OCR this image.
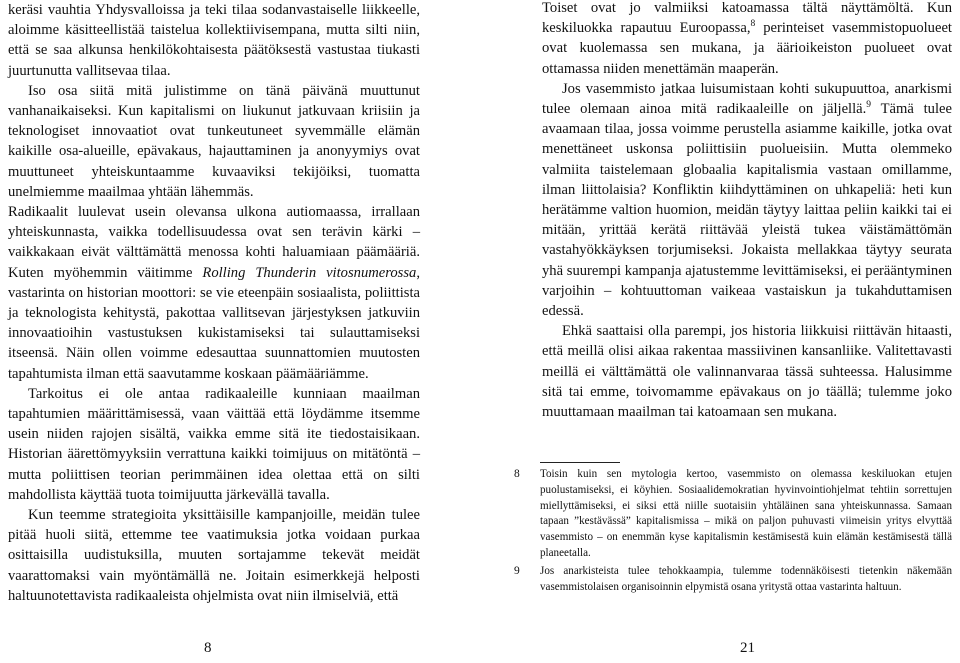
keräsi vauhtia Yhdysvalloissa ja teki tilaa sodanvastaiselle liikkeelle, aloimme käsitteellistää taistelua kollektiivisempana, mutta silti niin, että se saa alkunsa henkilökohtaisesta päätöksestä vastustaa tiukasti juurtunutta vallitsevaa tilaa.

Iso osa siitä mitä julistimme on tänä päivänä muuttunut vanhanaikaiseksi. Kun kapitalismi on liukunut jatkuvaan kriisiin ja teknologiset innovaatiot ovat tunkeutuneet syvemmälle elämän kaikille osa-alueille, epävakaus, hajauttaminen ja anonyymiys ovat muuttuneet yhteiskuntaamme kuvaaviksi tekijöiksi, tuomatta unelmiemme maailmaa yhtään lähemmäs.

Radikaalit luulevat usein olevansa ulkona autiomaassa, irrallaan yhteiskunnasta, vaikka todellisuudessa ovat sen terävin kärki – vaikkakaan eivät välttämättä menossa kohti haluamiaan päämääriä. Kuten myöhemmin väitimme Rolling Thunderin vitosnumerossa, vastarinta on historian moottori: se vie eteenpäin sosiaalista, poliittista ja teknologista kehitystä, pakottaa vallitsevan järjestyksen jatkuviin innovaatioihin vastustuksen kukistamiseksi tai sulauttamiseksi itseensä. Näin ollen voimme edesauttaa suunnattomien muutosten tapahtumista ilman että saavutamme koskaan päämääriämme.

Tarkoitus ei ole antaa radikaaleille kunniaan maailman tapahtumien määrittämisessä, vaan väittää että löydämme itsemme usein niiden rajojen sisältä, vaikka emme sitä ite tiedostaisikaan. Historian äärettömyyksiin verrattuna kaikki toimijuus on mitätöntä – mutta poliittisen teorian perimmäinen idea olettaa että on silti mahdollista käyttää tuota toimijuutta järkevällä tavalla.

Kun teemme strategioita yksittäisille kampanjoille, meidän tulee pitää huoli siitä, ettemme tee vaatimuksia jotka voidaan purkaa osittaisilla uudistuksilla, muuten sortajamme tekevät meidät vaarattomaksi vain myöntämällä ne. Joitain esimerkkejä helposti haltuunotettavista radikaaleista ohjelmista ovat niin ilmiselviä, että

8

Toiset ovat jo valmiiksi katoamassa tältä näyttämöltä. Kun keskiluokka rapautuu Euroopassa,$^8$ perinteiset vasemmistopuolueet ovat kuolemassa sen mukana, ja äärioikeiston puolueet ovat ottamassa niiden menettämän maaperän.

Jos vasemmisto jatkaa luisumistaan kohti sukupuuttoa, anarkismi tulee olemaan ainoa mitä radikaaleille on jäljellä.$^9$ Tämä tulee avaamaan tilaa, jossa voimme perustella asiamme kaikille, jotka ovat menettäneet uskonsa poliittisiin puolueisiin. Mutta olemmeko valmiita taistelemaan globaalia kapitalismia vastaan omillamme, ilman liittolaisia? Konfliktin kiihdyttäminen on uhkapeliä: heti kun herätämme valtion huomion, meidän täytyy laittaa peliin kaikki tai ei mitään, yrittää kerätä riittävää yleistä tukea väistämättömän vastahyökkäyksen torjumiseksi. Jokaista mellakkaa täytyy seurata yhä suurempi kampanja ajatustemme levittämiseksi, ei perääntyminen varjoihin – kohtuuttoman vaikeaa vastaiskun ja tukahduttamisen edessä.

Ehkä saattaisi olla parempi, jos historia liikkuisi riittävän hitaasti, että meillä olisi aikaa rakentaa massiivinen kansanliike. Valitettavasti meillä ei välttämättä ole valinnanvaraa tässä suhteessa. Halusimme sitä tai emme, toivomamme epävakaus on jo täällä; tulemme joko muuttamaan maailman tai katoamaan sen mukana.

8	Toisin kuin sen mytologia kertoo, vasemmisto on olemassa keskiluokan etujen puolustamiseksi, ei köyhien. Sosiaalidemokratian hyvinvointiohjelmat tehtiin sorrettujen miellyttämiseksi, ei siksi että niille suotaisiin yhtäläinen sana yhteiskunnassa. Samaan tapaan ”kestävässä” kapitalismissa – mikä on paljon puhuvasti viimeisin yritys elvyttää vasemmisto – on enemmän kyse kapitalismin kestämisestä kuin elämän kestämisestä tällä planeetalla.
9	Jos anarkisteista tulee tehokkaampia, tulemme todennäköisesti tietenkin näkemään vasemmistolaisen organisoinnin elpymistä osana yritystä ottaa vastarinta haltuun.
21
